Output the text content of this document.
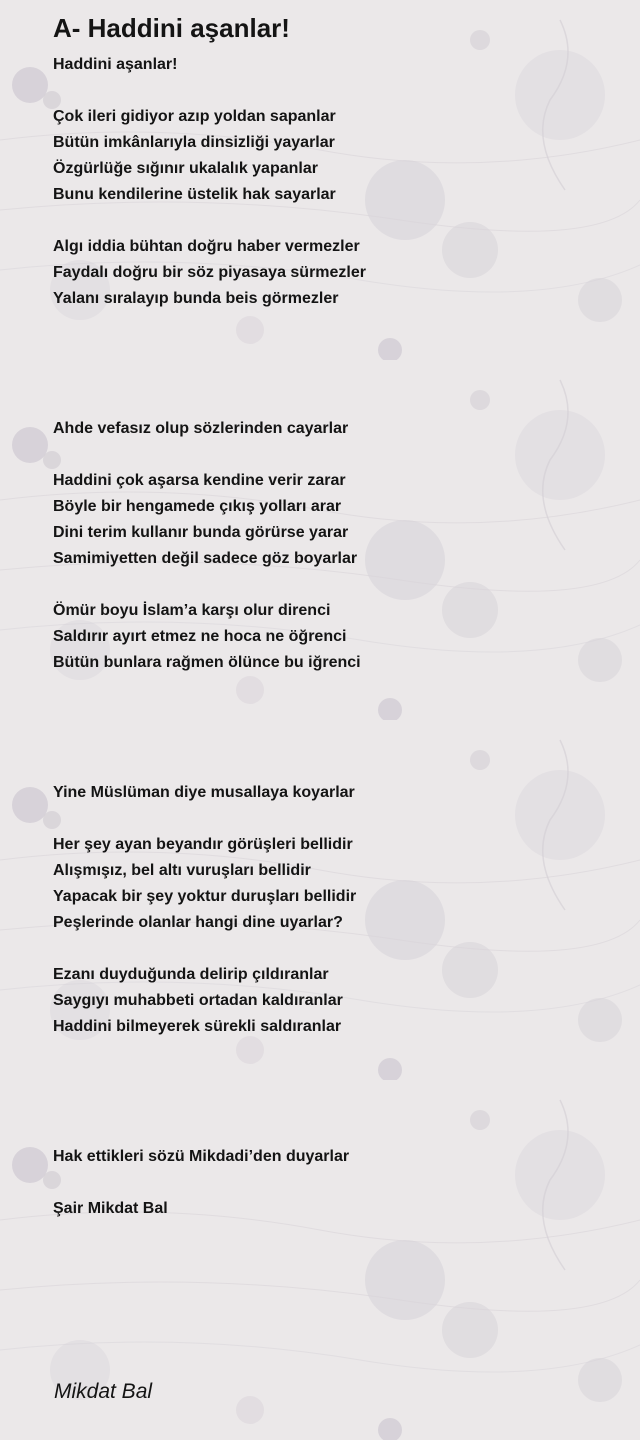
A- Haddini aşanlar!
Haddini aşanlar!
Çok ileri gidiyor azıp yoldan sapanlar
Bütün imkânlarıyla dinsizliği yayarlar
Özgürlüğe sığınır ukalalık yapanlar
Bunu kendilerine üstelik hak sayarlar
Algı iddia bühtan doğru haber vermezler
Faydalı doğru bir söz piyasaya sürmezler
Yalanı sıralayıp bunda beis görmezler
Ahde vefasız olup sözlerinden cayarlar
Haddini çok aşarsa kendine verir zarar
Böyle bir hengamede çıkış yolları arar
Dini terim kullanır bunda görürse yarar
Samimiyetten değil sadece göz boyarlar
Ömür boyu İslam’a karşı olur direnci
Saldırır ayırt etmez ne hoca ne öğrenci
Bütün bunlara rağmen ölünce bu iğrenci
Yine Müslüman diye musallaya koyarlar
Her şey ayan beyandır görüşleri bellidir
Alışmışız, bel altı vuruşları bellidir
Yapacak bir şey yoktur duruşları bellidir
Peşlerinde olanlar hangi dine uyarlar?
Ezanı duyduğunda delirip çıldıranlar
Saygıyı muhabbeti ortadan kaldıranlar
Haddini bilmeyerek sürekli saldıranlar
Hak ettikleri sözü Mikdadi’den duyarlar
Şair Mikdat Bal

Mikdat Bal
